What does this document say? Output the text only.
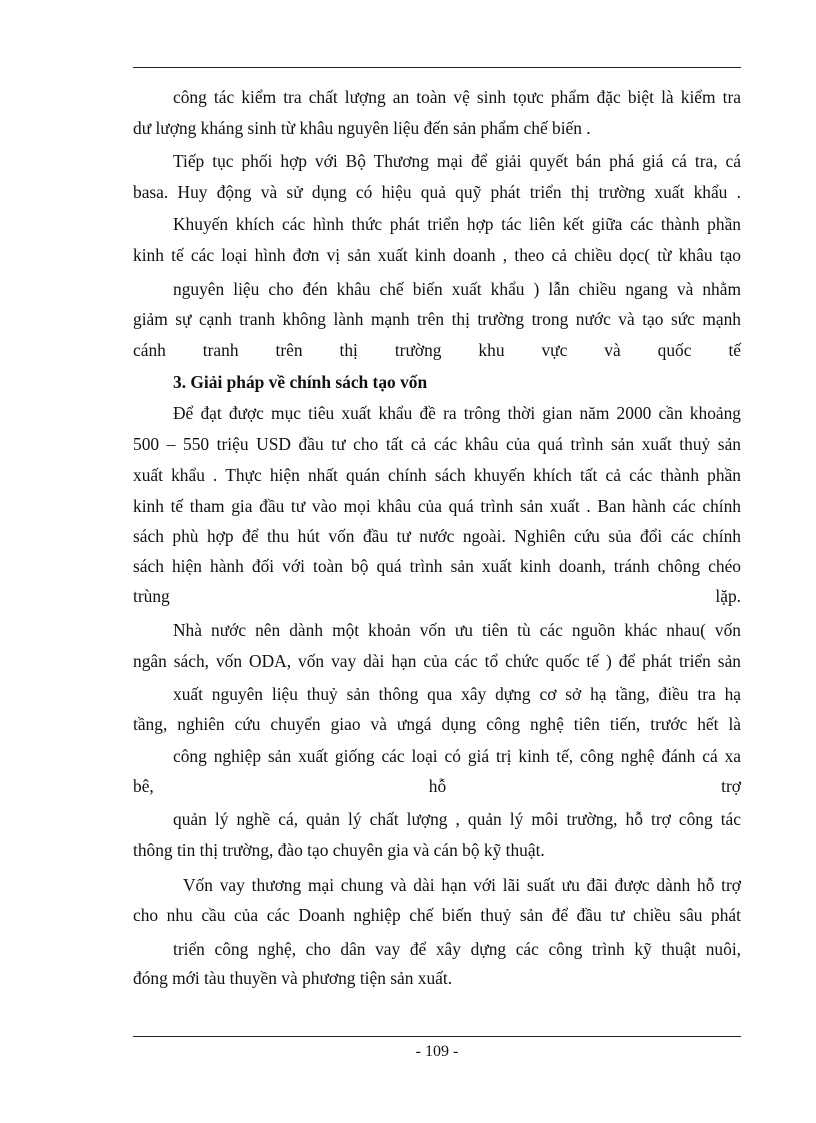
công tác kiểm tra chất lượng an toàn vệ sinh tọưc phẩm đặc biệt là kiểm tra
dư lượng kháng sinh từ khâu nguyên liệu đến sản phẩm chế biến .
Tiếp tục phối hợp với Bộ Thương mại để giải quyết bán phá giá cá tra, cá
basa. Huy động và sử dụng có hiệu quả quỹ phát triển thị trường xuất khẩu .
Khuyến khích các hình thức phát triển hợp tác liên kết giữa các thành phần
kinh tế các loại hình đơn vị sản xuất kinh doanh , theo cả chiều dọc( từ khâu tạo
nguyên liệu cho đén khâu chế biến xuất khẩu ) lẫn chiều ngang và nhằm
giảm sự cạnh tranh không lành mạnh trên thị trường trong nước và tạo sức mạnh
cánh tranh trên thị trường khu vực và quốc tế
3. Giải pháp về chính sách tạo vốn
Để đạt được mục tiêu xuất khẩu đề ra trông thời gian năm 2000 cần khoảng
500 – 550 triệu USD đầu tư cho tất cả các khâu của quá trình sản xuất thuỷ sản
xuất khẩu . Thực hiện nhất quán chính sách khuyến khích tất cả các thành phần
kinh tế tham gia đầu tư vào mọi khâu của quá trình sản xuất . Ban hành các chính
sách phù hợp để thu hút vốn đầu tư nước ngoài. Nghiên cứu sủa đổi các chính
sách hiện hành đối với toàn bộ quá trình sản xuất kinh doanh, tránh chông chéo
trùng lặp.
Nhà nước nên dành một khoản vốn ưu tiên tù các nguồn khác nhau( vốn
ngân sách, vốn ODA, vốn vay dài hạn của các tổ chức quốc tế ) để phát triển sản
xuất nguyên liệu thuỷ sản thông qua xây dựng cơ sở hạ tầng, điều tra hạ
tầng, nghiên cứu chuyển giao và ưngá dụng công nghệ tiên tiến, trước hết là
công nghiệp sản xuất giống các loại có giá trị kinh tế, công nghệ đánh cá xa
bê, hỗ trợ
quản lý nghề cá, quản lý chất lượng , quản lý môi trường, hỗ trợ công tác
thông tin thị trường, đào tạo chuyên gia và cán bộ kỹ thuật.
Vốn vay thương mại chung và dài hạn với lãi suất ưu đãi được dành hỗ trợ
cho nhu cầu của các Doanh nghiệp chế biến thuỷ sản để đầu tư chiều sâu phát
triển công nghệ, cho dân vay để xây dựng các công trình kỹ thuật nuôi,
đóng mới tàu thuyền và phương tiện sản xuất.
- 109 -
